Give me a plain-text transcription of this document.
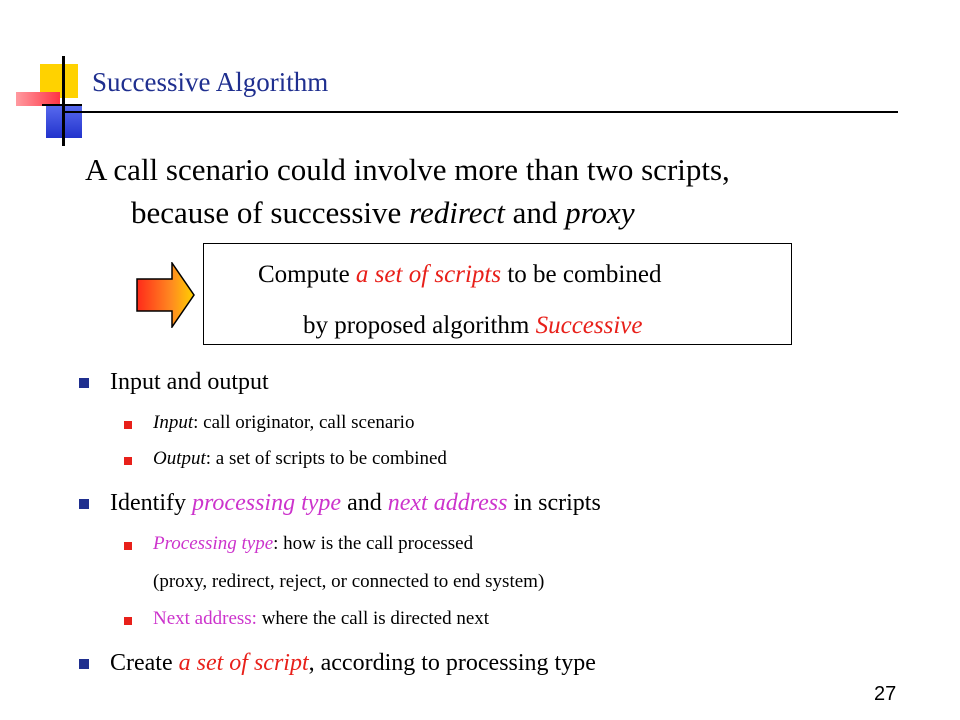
Successive Algorithm
A call scenario could involve more than two scripts,
because of successive redirect and proxy
Compute a set of scripts to be combined
by proposed algorithm Successive
Input and output
Input: call originator, call scenario
Output: a set of scripts to be combined
Identify processing type and next address in scripts
Processing type: how is the call processed
(proxy, redirect, reject, or connected to end system)
Next address: where the call is directed next
Create a set of script, according to processing type
27
